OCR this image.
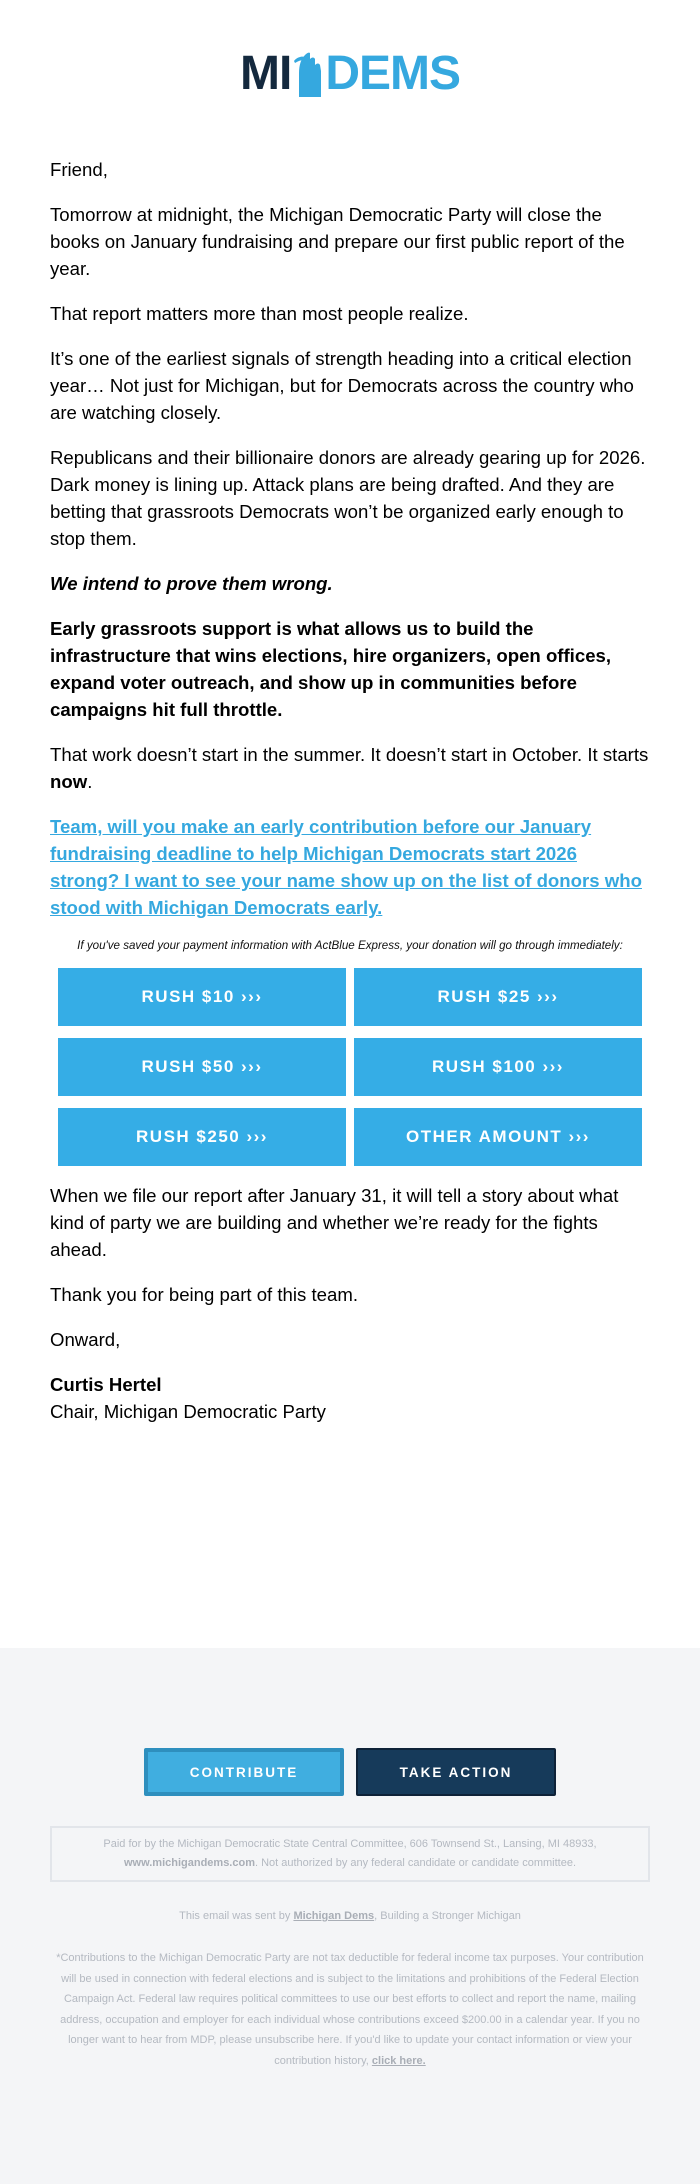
MI DEMS

Friend,

Tomorrow at midnight, the Michigan Democratic Party will close the books on January fundraising and prepare our first public report of the year.

That report matters more than most people realize.

It’s one of the earliest signals of strength heading into a critical election year… Not just for Michigan, but for Democrats across the country who are watching closely.

Republicans and their billionaire donors are already gearing up for 2026. Dark money is lining up. Attack plans are being drafted. And they are betting that grassroots Democrats won’t be organized early enough to stop them.

We intend to prove them wrong.

Early grassroots support is what allows us to build the infrastructure that wins elections, hire organizers, open offices, expand voter outreach, and show up in communities before campaigns hit full throttle.

That work doesn’t start in the summer. It doesn’t start in October. It starts now.

Team, will you make an early contribution before our January fundraising deadline to help Michigan Democrats start 2026 strong? I want to see your name show up on the list of donors who stood with Michigan Democrats early.

If you've saved your payment information with ActBlue Express, your donation will go through immediately:

RUSH $10 ›››	RUSH $25 ›››
RUSH $50 ›››	RUSH $100 ›››
RUSH $250 ›››	OTHER AMOUNT ›››

When we file our report after January 31, it will tell a story about what kind of party we are building and whether we’re ready for the fights ahead.

Thank you for being part of this team.

Onward,

Curtis Hertel
Chair, Michigan Democratic Party
CONTRIBUTE	TAKE ACTION

Paid for by the Michigan Democratic State Central Committee, 606 Townsend St., Lansing, MI 48933,
www.michigandems.com. Not authorized by any federal candidate or candidate committee.

This email was sent by Michigan Dems, Building a Stronger Michigan
*Contributions to the Michigan Democratic Party are not tax deductible for federal income tax purposes. Your contribution will be used in connection with federal elections and is subject to the limitations and prohibitions of the Federal Election Campaign Act. Federal law requires political committees to use our best efforts to collect and report the name, mailing address, occupation and employer for each individual whose contributions exceed $200.00 in a calendar year. If you no longer want to hear from MDP, please unsubscribe here. If you'd like to update your contact information or view your contribution history, click here.
